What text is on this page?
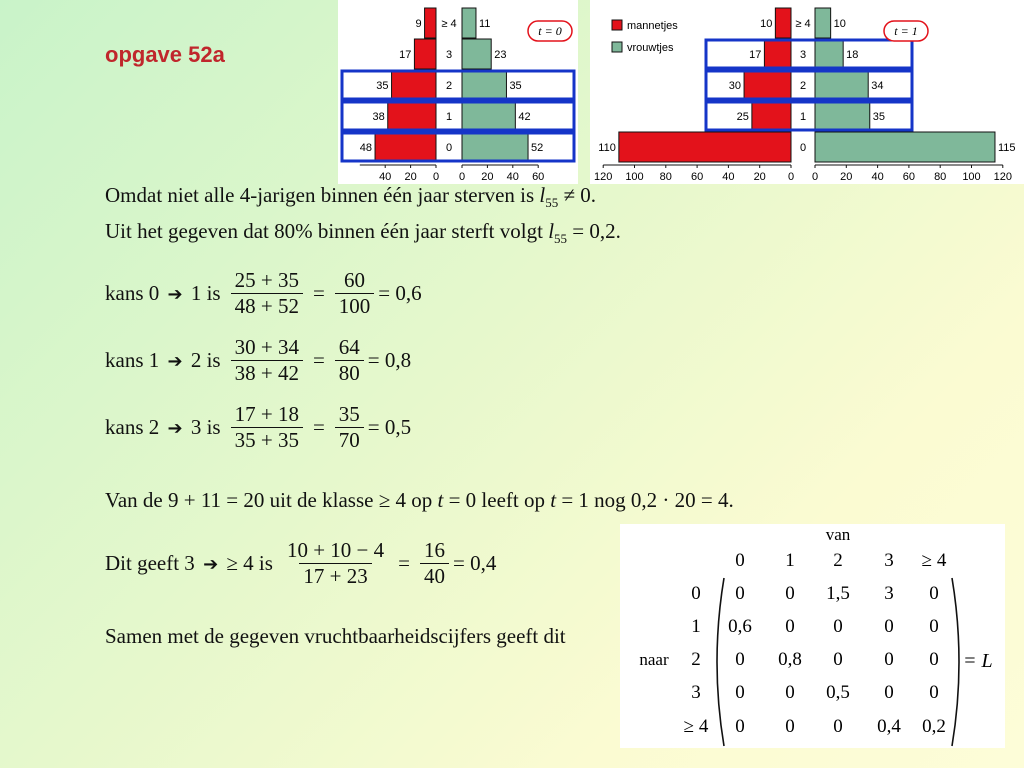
opgave 52a
≥ 4
9	11
3
17	23
2
35	35
1
38	42
0
48	52
40 20 0 0 20 40 60
t = 0	≥ 4
10	10
3
17	18
2
30	34
1
25	35
0
110	115
120 100 80 60 40 20 0 0 20 40 60 80 100 120
t = 1
mannetjes
vrouwtjes
Omdat niet alle 4-jarigen binnen één jaar sterven is $l_{55} \ne 0$.
Uit het gegeven dat 80% binnen één jaar sterft volgt $l_{55} = 0,2$.
kans 0 ➔ 1 is $\frac{25 + 35}{48 + 52} = \frac{60}{100} = 0,6$
kans 1 ➔ 2 is $\frac{30 + 34}{38 + 42} = \frac{64}{80} = 0,8$
kans 2 ➔ 3 is $\frac{17 + 18}{35 + 35} = \frac{35}{70} = 0,5$
Van de 9 + 11 = 20 uit de klasse ≥ 4 op t = 0 leeft op t = 1 nog 0,2 · 20 = 4.
Dit geeft 3 ➔ ≥ 4 is $\frac{10 + 10 - 4}{17 + 23} = \frac{16}{40} = 0,4$
Samen met de gegeven vruchtbaarheidscijfers geeft dit
van
0 1 2 3 ≥ 4
0
1
2
3
≥ 4
naar
0 0 1,5 3 0
0,6 0 0 0 0
0 0,8 0 0 0
0 0 0,5 0 0
0 0 0 0,4 0,2
= L
